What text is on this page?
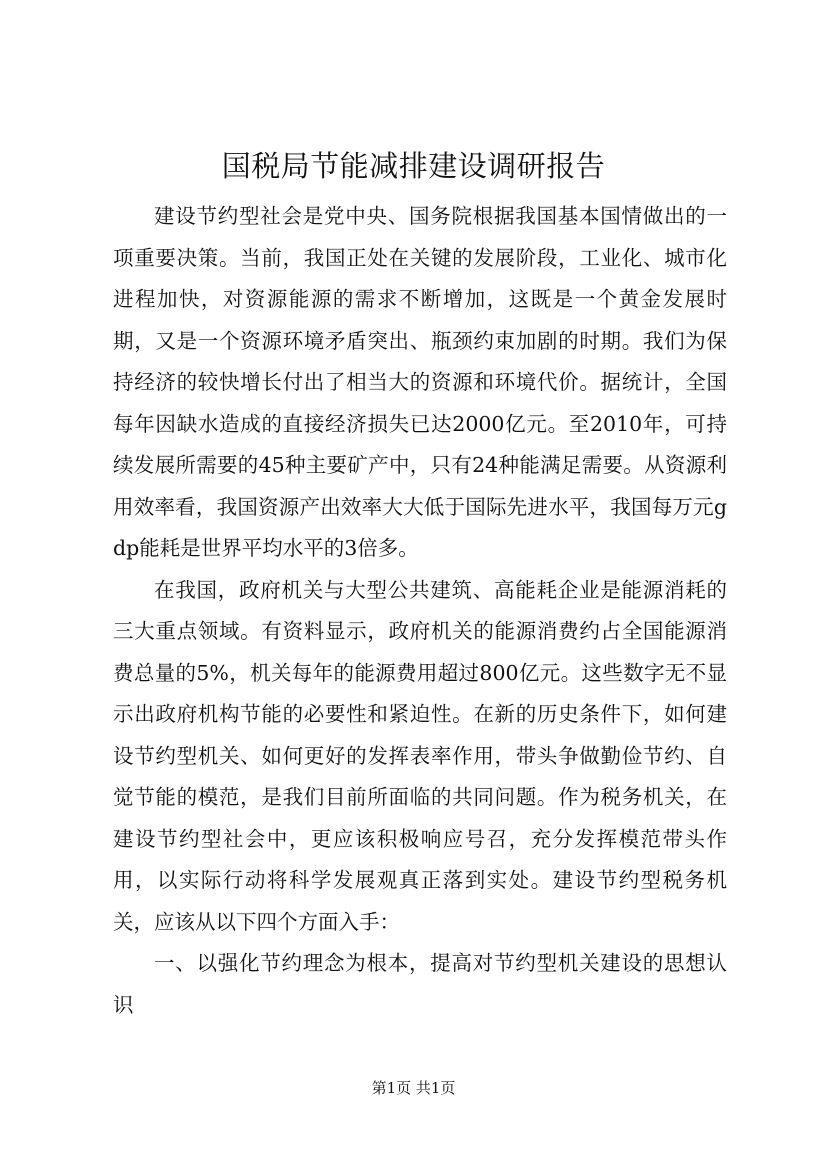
国税局节能减排建设调研报告

建设节约型社会是党中央、国务院根据我国基本国情做出的一项重要决策。当前，我国正处在关键的发展阶段，工业化、城市化进程加快，对资源能源的需求不断增加，这既是一个黄金发展时期，又是一个资源环境矛盾突出、瓶颈约束加剧的时期。我们为保持经济的较快增长付出了相当大的资源和环境代价。据统计，全国每年因缺水造成的直接经济损失已达2000亿元。至2010年，可持续发展所需要的45种主要矿产中，只有24种能满足需要。从资源利用效率看，我国资源产出效率大大低于国际先进水平，我国每万元gdp能耗是世界平均水平的3倍多。

在我国，政府机关与大型公共建筑、高能耗企业是能源消耗的三大重点领域。有资料显示，政府机关的能源消费约占全国能源消费总量的5%，机关每年的能源费用超过800亿元。这些数字无不显示出政府机构节能的必要性和紧迫性。在新的历史条件下，如何建设节约型机关、如何更好的发挥表率作用，带头争做勤俭节约、自觉节能的模范，是我们目前所面临的共同问题。作为税务机关，在建设节约型社会中，更应该积极响应号召，充分发挥模范带头作用，以实际行动将科学发展观真正落到实处。建设节约型税务机关，应该从以下四个方面入手：

一、以强化节约理念为根本，提高对节约型机关建设的思想认识

第1页 共1页
